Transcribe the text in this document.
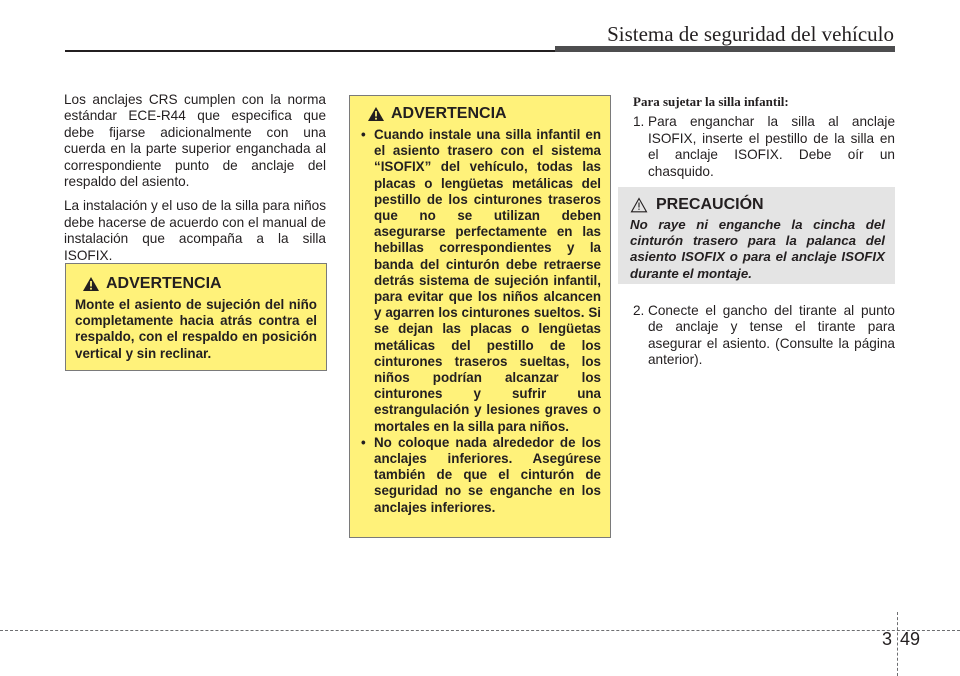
Sistema de seguridad del vehículo

Los anclajes CRS cumplen con la norma estándar ECE-R44 que especifica que debe fijarse adicionalmente con una cuerda en la parte superior enganchada al correspondiente punto de anclaje del respaldo del asiento.

La instalación y el uso de la silla para niños debe hacerse de acuerdo con el manual de instalación que acompaña a la silla ISOFIX.

ADVERTENCIA
Monte el asiento de sujeción del niño completamente hacia atrás contra el respaldo, con el respaldo en posición vertical y sin reclinar.
ADVERTENCIA
• Cuando instale una silla infantil en el asiento trasero con el sistema “ISOFIX” del vehículo, todas las placas o lengüetas metálicas del pestillo de los cinturones traseros que no se utilizan deben asegurarse perfectamente en las hebillas correspondientes y la banda del cinturón debe retraerse detrás sistema de sujeción infantil, para evitar que los niños alcancen y agarren los cinturones sueltos. Si se dejan las placas o lengüetas metálicas del pestillo de los cinturones traseros sueltas, los niños podrían alcanzar los cinturones y sufrir una estrangulación y lesiones graves o mortales en la silla para niños.
• No coloque nada alrededor de los anclajes inferiores. Asegúrese también de que el cinturón de seguridad no se enganche en los anclajes inferiores.
Para sujetar la silla infantil:
1. Para enganchar la silla al anclaje ISOFIX, inserte el pestillo de la silla en el anclaje ISOFIX. Debe oír un chasquido.
PRECAUCIÓN
No raye ni enganche la cincha del cinturón trasero para la palanca del asiento ISOFIX o para el anclaje ISOFIX durante el montaje.
2. Conecte el gancho del tirante al punto de anclaje y tense el tirante para asegurar el asiento. (Consulte la página anterior).
3 49
